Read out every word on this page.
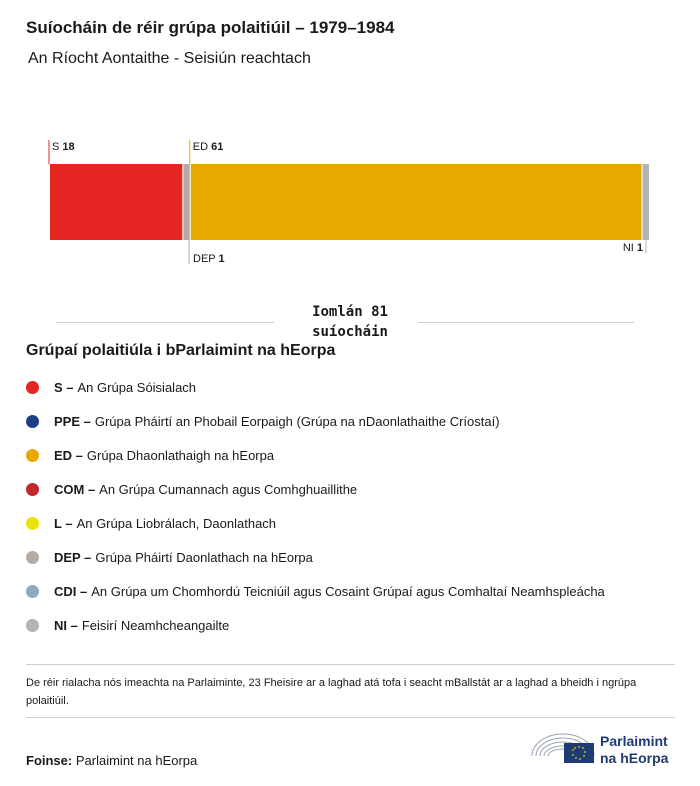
Suíocháin de réir grúpa polaitiúil – 1979–1984
An Ríocht Aontaithe - Seisiún reachtach
S 18
DEP 1
ED 61
NI 1
Iomlán 81
suíocháin
Grúpaí polaitiúla i bParlaimint na hEorpa
S – An Grúpa Sóisialach
PPE – Grúpa Pháirtí an Phobail Eorpaigh (Grúpa na nDaonlathaithe Críostaí)
ED – Grúpa Dhaonlathaigh na hEorpa
COM – An Grúpa Cumannach agus Comhghuaillithe
L – An Grúpa Liobrálach, Daonlathach
DEP – Grúpa Pháirtí Daonlathach na hEorpa
CDI – An Grúpa um Chomhordú Teicniúil agus Cosaint Grúpaí agus Comhaltaí Neamhspleácha
NI – Feisirí Neamhcheangailte
De réir rialacha nós imeachta na Parlaiminte, 23 Fheisire ar a laghad atá tofa i seacht mBallstát ar a laghad a bheidh i ngrúpa polaitiúil.
Foinse: Parlaimint na hEorpa
Parlaimint
na hEorpa
